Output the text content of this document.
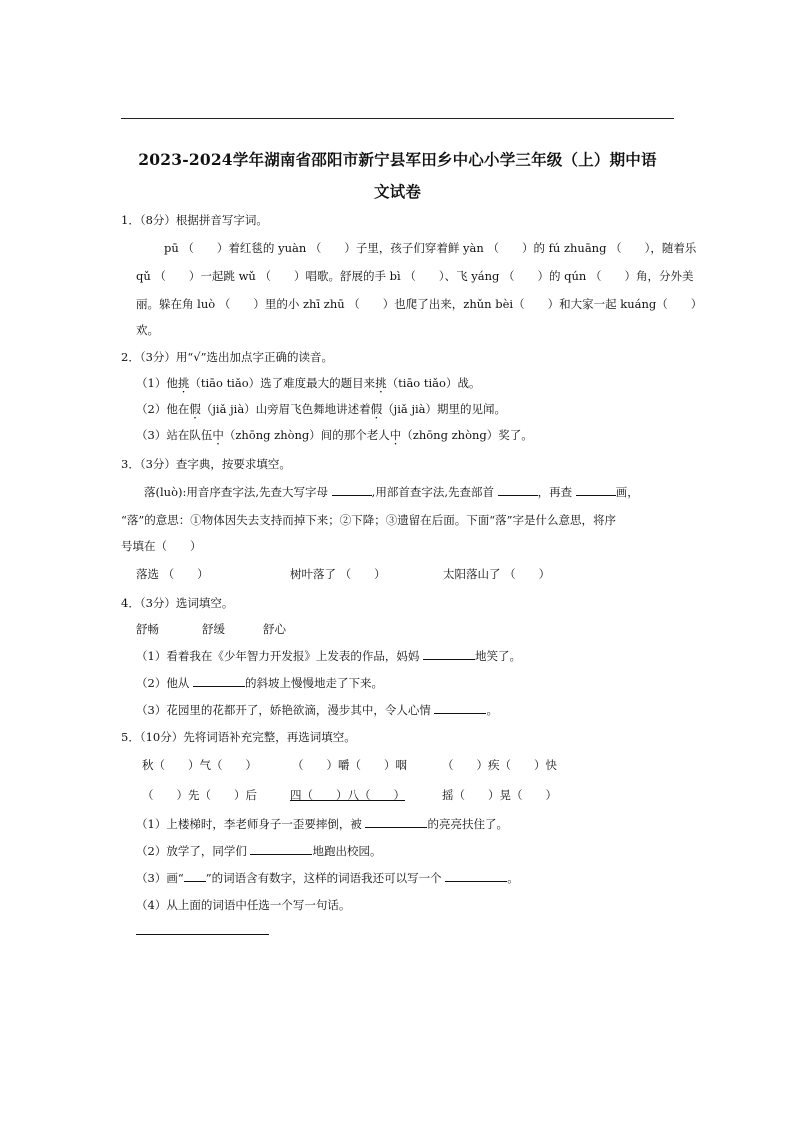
2023-2024学年湖南省邵阳市新宁县军田乡中心小学三年级（上）期中语
文试卷
1．（8分）根据拼音写字词。
pū （　　）着红毯的 yuàn （　　）子里，孩子们穿着鲜 yàn （　　）的 fú zhuāng （　　），随着乐
qǔ （　　）一起跳 wǔ （　　）唱歌。舒展的手 bì （　　）、飞 yáng （　　）的 qún （　　）角，分外美
丽。躲在角 luò （　　）里的小 zhī zhū （　　）也爬了出来，zhǔn bèi（　　）和大家一起 kuáng（　　）
欢。
2．（3分）用“√”选出加点字正确的读音。
（1）他挑（tiāo tiǎo）选了难度最大的题目来挑（tiāo tiǎo）战。
（2）他在假（jiǎ jià）山旁眉飞色舞地讲述着假（jiǎ jià）期里的见闻。
（3）站在队伍中（zhōng zhòng）间的那个老人中（zhōng zhòng）奖了。
3．（3分）查字典，按要求填空。
落(luò):用音序查字法,先查大写字母	,用部首查字法,先查部首	，再查	画，
“落”的意思：①物体因失去支持而掉下来；②下降；③遗留在后面。下面“落”字是什么意思，将序
号填在（　　）
落选 （　　）	树叶落了 （　　）	太阳落山了 （　　）
4．（3分）选词填空。
舒畅	舒缓	舒心
（1）看着我在《少年智力开发报》上发表的作品，妈妈	地笑了。
（2）他从	的斜坡上慢慢地走了下来。
（3）花园里的花都开了，娇艳欲滴，漫步其中，令人心情	。
5．（10分）先将词语补充完整，再选词填空。
秋（　　）气（　　）	（　　）嚼（　　）咽	（　　）疾（　　）快
（　　）先（　　）后	四（　　）八（　　）	摇（　　）晃（　　）
（1）上楼梯时，李老师身子一歪要摔倒，被	的亮亮扶住了。
（2）放学了，同学们	地跑出校园。
（3）画“ ”的词语含有数字，这样的词语我还可以写一个	。
（4）从上面的词语中任选一个写一句话。
